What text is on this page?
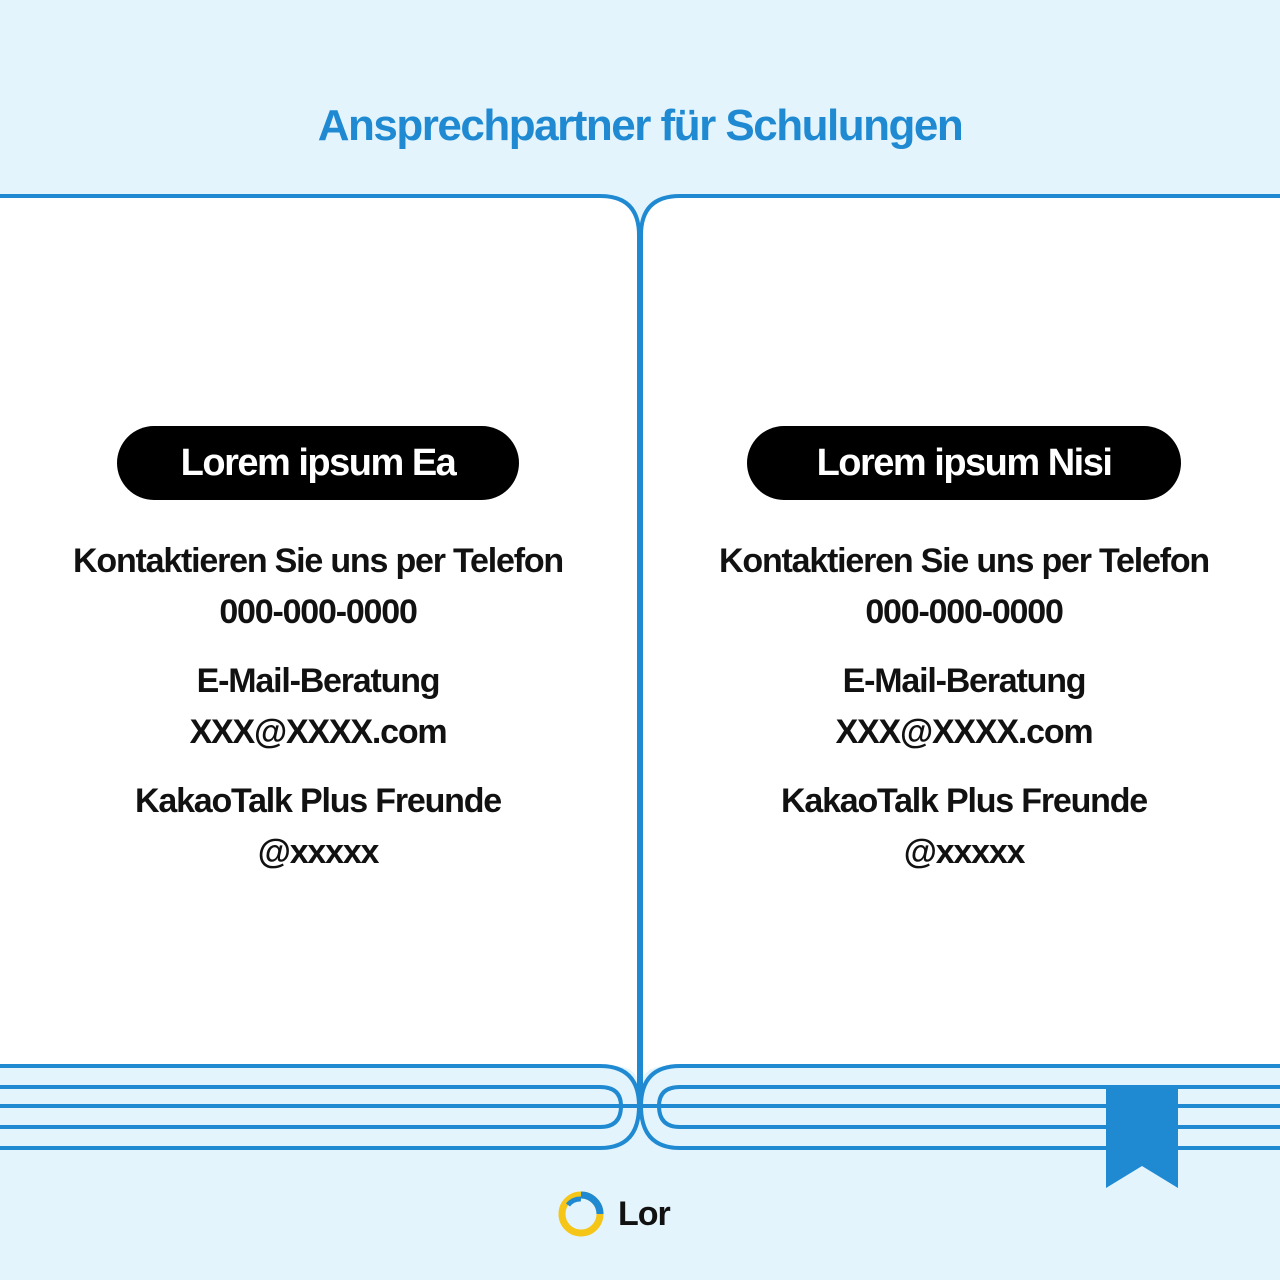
Ansprechpartner für Schulungen
Lorem ipsum Ea
Kontaktieren Sie uns per Telefon
000-000-0000
E-Mail-Beratung
XXX@XXXX.com
KakaoTalk Plus Freunde
@xxxxx
Lorem ipsum Nisi
Kontaktieren Sie uns per Telefon
000-000-0000
E-Mail-Beratung
XXX@XXXX.com
KakaoTalk Plus Freunde
@xxxxx
Lor
